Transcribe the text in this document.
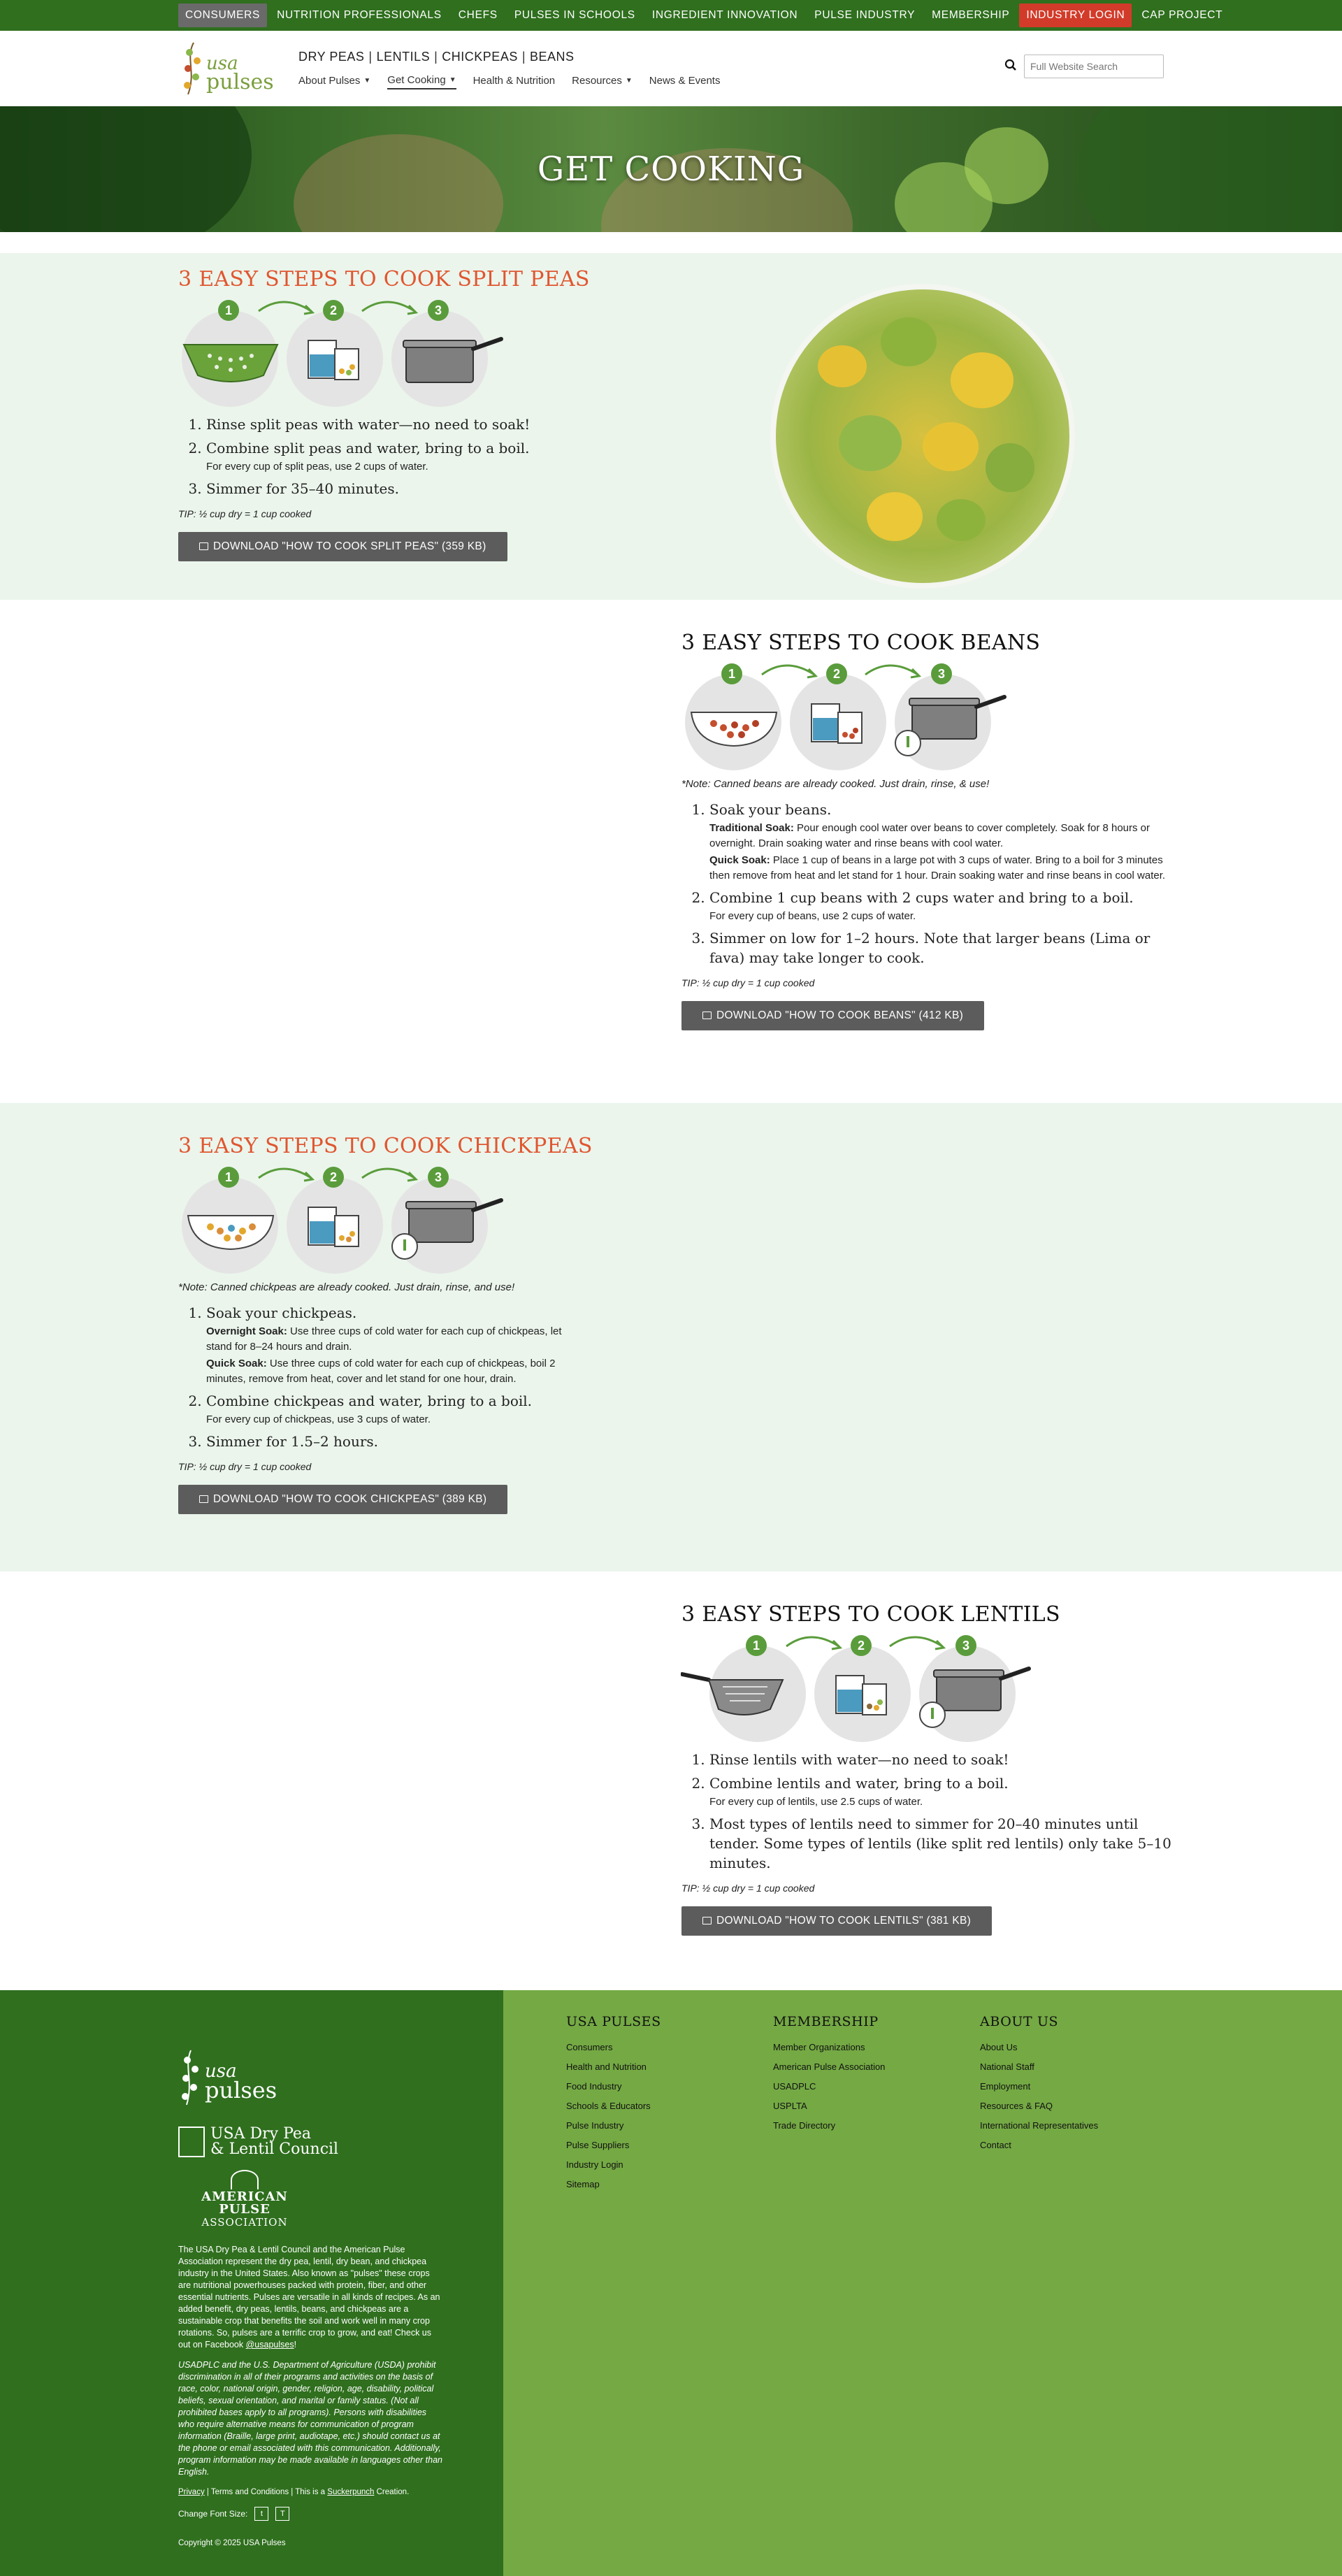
CONSUMERS	NUTRITION PROFESSIONALS	CHEFS	PULSES IN SCHOOLS	INGREDIENT INNOVATION	PULSE INDUSTRY	MEMBERSHIP	INDUSTRY LOGIN	CAP PROJECT
usa
pulses
DRY PEAS | LENTILS | CHICKPEAS | BEANS
About Pulses ▼ Get Cooking ▼ Health & Nutrition Resources ▼ News & Events
Full Website Search
GET COOKING
3 EASY STEPS TO COOK SPLIT PEAS
1	2	3
1. Rinse split peas with water—no need to soak!
2. Combine split peas and water, bring to a boil.
For every cup of split peas, use 2 cups of water.
3. Simmer for 35–40 minutes.
TIP: ½ cup dry = 1 cup cooked
DOWNLOAD "HOW TO COOK SPLIT PEAS" (359 KB)
3 EASY STEPS TO COOK BEANS
1	2	3
*Note: Canned beans are already cooked. Just drain, rinse, & use!
1. Soak your beans.
Traditional Soak: Pour enough cool water over beans to cover completely. Soak for 8 hours or overnight. Drain soaking water and rinse beans with cool water.
Quick Soak: Place 1 cup of beans in a large pot with 3 cups of water. Bring to a boil for 3 minutes then remove from heat and let stand for 1 hour. Drain soaking water and rinse beans in cool water.
2. Combine 1 cup beans with 2 cups water and bring to a boil.
For every cup of beans, use 2 cups of water.
3. Simmer on low for 1–2 hours. Note that larger beans (Lima or fava) may take longer to cook.
TIP: ½ cup dry = 1 cup cooked
DOWNLOAD "HOW TO COOK BEANS" (412 KB)
3 EASY STEPS TO COOK CHICKPEAS
1	2	3
*Note: Canned chickpeas are already cooked. Just drain, rinse, and use!
1. Soak your chickpeas.
Overnight Soak: Use three cups of cold water for each cup of chickpeas, let stand for 8–24 hours and drain.
Quick Soak: Use three cups of cold water for each cup of chickpeas, boil 2 minutes, remove from heat, cover and let stand for one hour, drain.
2. Combine chickpeas and water, bring to a boil.
For every cup of chickpeas, use 3 cups of water.
3. Simmer for 1.5–2 hours.
TIP: ½ cup dry = 1 cup cooked
DOWNLOAD "HOW TO COOK CHICKPEAS" (389 KB)
3 EASY STEPS TO COOK LENTILS
1	2	3
1. Rinse lentils with water—no need to soak!
2. Combine lentils and water, bring to a boil.
For every cup of lentils, use 2.5 cups of water.
3. Most types of lentils need to simmer for 20–40 minutes until tender. Some types of lentils (like split red lentils) only take 5–10 minutes.
TIP: ½ cup dry = 1 cup cooked
DOWNLOAD "HOW TO COOK LENTILS" (381 KB)
usa
pulses
USA Dry Pea
& Lentil Council
AMERICAN PULSE
ASSOCIATION

The USA Dry Pea & Lentil Council and the American Pulse Association represent the dry pea, lentil, dry bean, and chickpea industry in the United States. Also known as "pulses" these crops are nutritional powerhouses packed with protein, fiber, and other essential nutrients. Pulses are versatile in all kinds of recipes. As an added benefit, dry peas, lentils, beans, and chickpeas are a sustainable crop that benefits the soil and work well in many crop rotations. So, pulses are a terrific crop to grow, and eat! Check us out on Facebook @usapulses!

USADPLC and the U.S. Department of Agriculture (USDA) prohibit discrimination in all of their programs and activities on the basis of race, color, national origin, gender, religion, age, disability, political beliefs, sexual orientation, and marital or family status. (Not all prohibited bases apply to all programs). Persons with disabilities who require alternative means for communication of program information (Braille, large print, audiotape, etc.) should contact us at the phone or email associated with this communication. Additionally, program information may be made available in languages other than English.

Privacy | Terms and Conditions | This is a Suckerpunch Creation.

Change Font Size:	t	T
Copyright © 2025 USA Pulses
USA PULSES
Consumers
Health and Nutrition
Food Industry
Schools & Educators
Pulse Industry
Pulse Suppliers
Industry Login
Sitemap
MEMBERSHIP
Member Organizations
American Pulse Association
USADPLC
USPLTA
Trade Directory
ABOUT US
About Us
National Staff
Employment
Resources & FAQ
International Representatives
Contact
